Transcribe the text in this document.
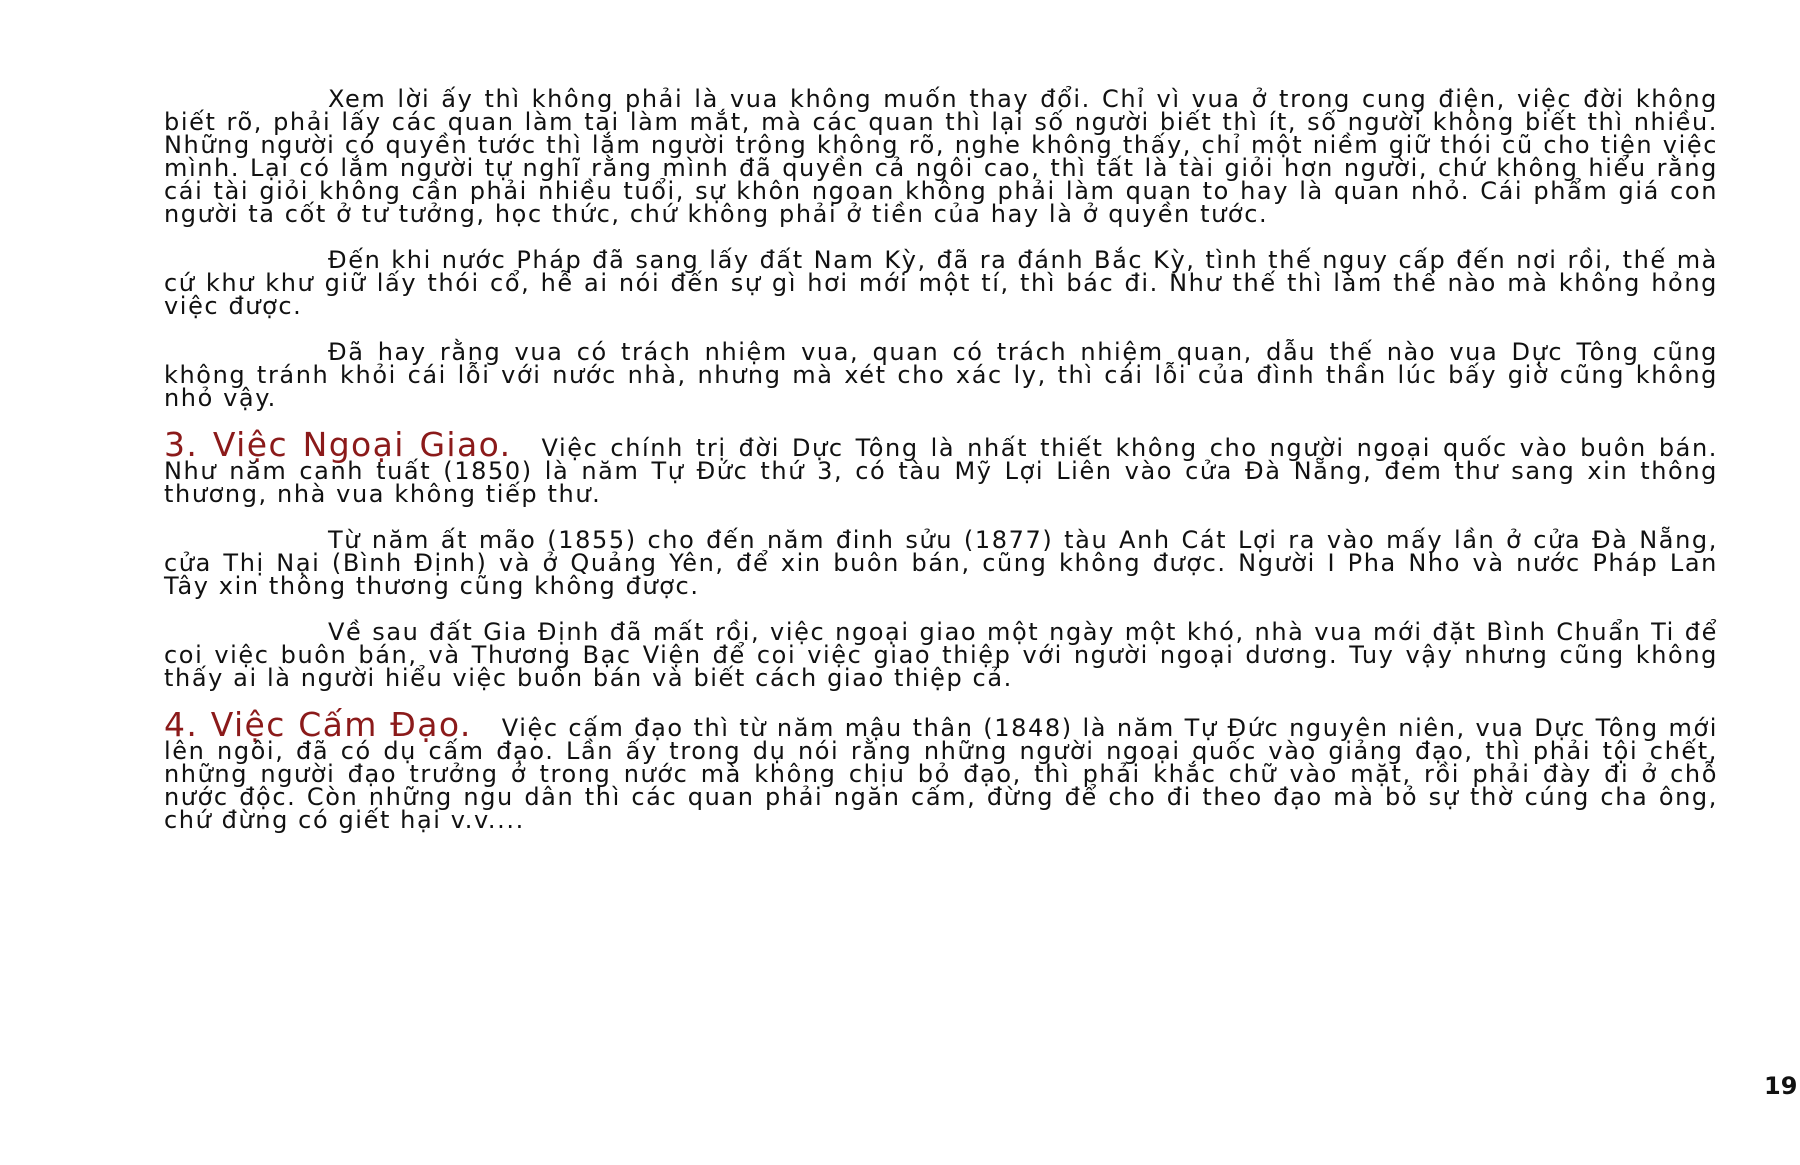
Xem lời ấy thì không phải là vua không muốn thay đổi. Chỉ vì vua ở trong cung điện, việc đời không biết rõ, phải lấy các quan làm tai làm mắt, mà các quan thì lại số người biết thì ít, số người không biết thì nhiều. Những người có quyền tước thì lắm người trông không rõ, nghe không thấy, chỉ một niềm giữ thói cũ cho tiện việc mình. Lại có lắm người tự nghĩ rằng mình đã quyền cả ngôi cao, thì tất là tài giỏi hơn người, chứ không hiểu rằng cái tài giỏi không cần phải nhiều tuổi, sự khôn ngoan không phải làm quan to hay là quan nhỏ. Cái phẩm giá con người ta cốt ở tư tưởng, học thức, chứ không phải ở tiền của hay là ở quyền tước.

Đến khi nước Pháp đã sang lấy đất Nam Kỳ, đã ra đánh Bắc Kỳ, tình thế nguy cấp đến nơi rồi, thế mà cứ khư khư giữ lấy thói cổ, hễ ai nói đến sự gì hơi mới một tí, thì bác đi. Như thế thì làm thế nào mà không hỏng việc được.

Đã hay rằng vua có trách nhiệm vua, quan có trách nhiệm quan, dẫu thế nào vua Dực Tông cũng không tránh khỏi cái lỗi với nước nhà, nhưng mà xét cho xác ly, thì cái lỗi của đình thần lúc bấy giờ cũng không nhỏ vậy.

3. Việc Ngoại Giao. Việc chính trị đời Dực Tông là nhất thiết không cho người ngoại quốc vào buôn bán. Như năm canh tuất (1850) là năm Tự Đức thứ 3, có tàu Mỹ Lợi Liên vào cửa Đà Nẵng, đem thư sang xin thông thương, nhà vua không tiếp thư.

Từ năm ất mão (1855) cho đến năm đinh sửu (1877) tàu Anh Cát Lợi ra vào mấy lần ở cửa Đà Nẵng, cửa Thị Nại (Bình Định) và ở Quảng Yên, để xin buôn bán, cũng không được. Người I Pha Nho và nước Pháp Lan Tây xin thông thương cũng không được.

Về sau đất Gia Định đã mất rồi, việc ngoại giao một ngày một khó, nhà vua mới đặt Bình Chuẩn Ti để coi việc buôn bán, và Thương Bạc Viện để coi việc giao thiệp với người ngoại dương. Tuy vậy nhưng cũng không thấy ai là người hiểu việc buôn bán và biết cách giao thiệp cả.

4. Việc Cấm Đạo. Việc cấm đạo thì từ năm mậu thân (1848) là năm Tự Đức nguyên niên, vua Dực Tông mới lên ngôi, đã có dụ cấm đạo. Lần ấy trong dụ nói rằng những người ngoại quốc vào giảng đạo, thì phải tội chết, những người đạo trưởng ở trong nước mà không chịu bỏ đạo, thì phải khắc chữ vào mặt, rồi phải đày đi ở chỗ nước độc. Còn những ngu dân thì các quan phải ngăn cấm, đừng để cho đi theo đạo mà bỏ sự thờ cúng cha ông, chứ đừng có giết hại v.v....

19
